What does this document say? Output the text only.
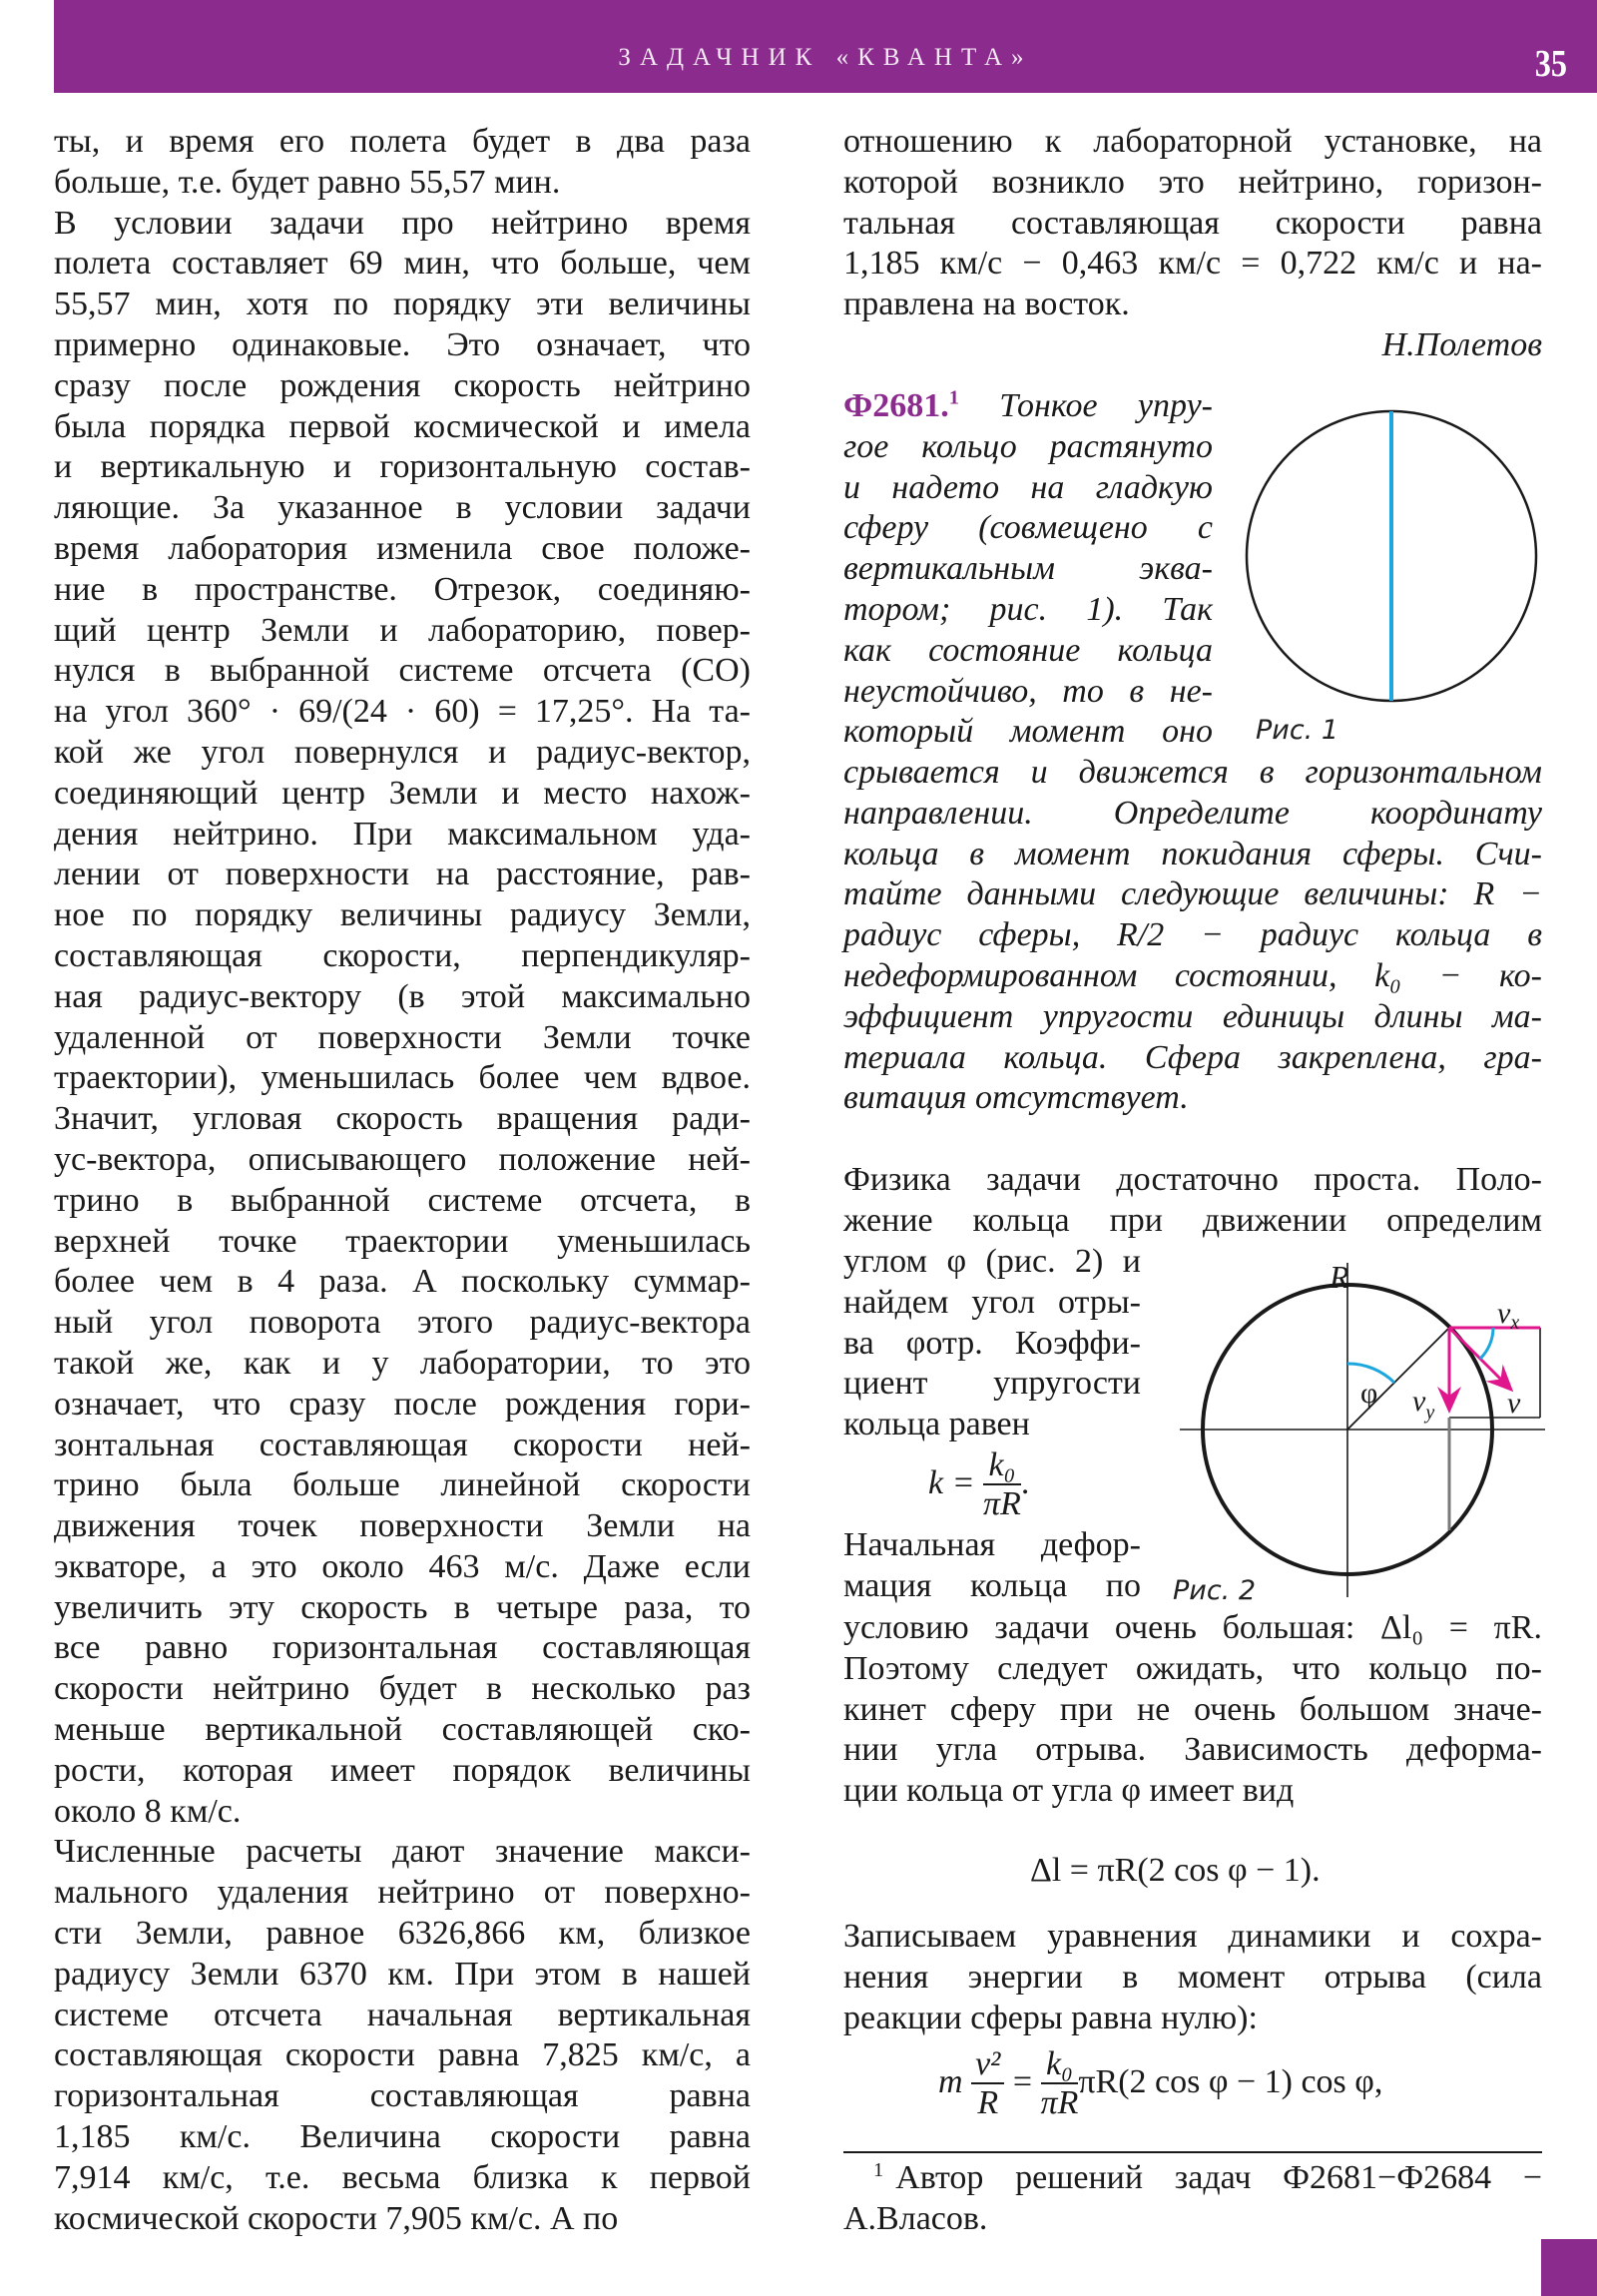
ЗАДАЧНИК «КВАНТА»	35
ты, и время его полета будет в два раза
больше, т.е. будет равно 55,57 мин.
В условии задачи про нейтрино время
полета составляет 69 мин, что больше, чем
55,57 мин, хотя по порядку эти величины
примерно одинаковые. Это означает, что
сразу после рождения скорость нейтрино
была порядка первой космической и имела
и вертикальную и горизонтальную состав-
ляющие. За указанное в условии задачи
время лаборатория изменила свое положе-
ние в пространстве. Отрезок, соединяю-
щий центр Земли и лабораторию, повер-
нулся в выбранной системе отсчета (СО)
на угол 360° · 69/(24 · 60) = 17,25°. На та-
кой же угол повернулся и радиус-вектор,
соединяющий центр Земли и место нахож-
дения нейтрино. При максимальном уда-
лении от поверхности на расстояние, рав-
ное по порядку величины радиусу Земли,
составляющая скорости, перпендикуляр-
ная радиус-вектору (в этой максимально
удаленной от поверхности Земли точке
траектории), уменьшилась более чем вдвое.
Значит, угловая скорость вращения ради-
ус-вектора, описывающего положение ней-
трино в выбранной системе отсчета, в
верхней точке траектории уменьшилась
более чем в 4 раза. А поскольку суммар-
ный угол поворота этого радиус-вектора
такой же, как и у лаборатории, то это
означает, что сразу после рождения гори-
зонтальная составляющая скорости ней-
трино была больше линейной скорости
движения точек поверхности Земли на
экваторе, а это около 463 м/с. Даже если
увеличить эту скорость в четыре раза, то
все равно горизонтальная составляющая
скорости нейтрино будет в несколько раз
меньше вертикальной составляющей ско-
рости, которая имеет порядок величины
около 8 км/с.
Численные расчеты дают значение макси-
мального удаления нейтрино от поверхно-
сти Земли, равное 6326,866 км, близкое
радиусу Земли 6370 км. При этом в нашей
системе отсчета начальная вертикальная
составляющая скорости равна 7,825 км/с, а
горизонтальная составляющая равна
1,185 км/с. Величина скорости равна
7,914 км/с, т.е. весьма близка к первой
космической скорости 7,905 км/с. А по
отношению к лабораторной установке, на
которой возникло это нейтрино, горизон-
тальная составляющая скорости равна
1,185 км/с − 0,463 км/с = 0,722 км/с и на-
правлена на восток.
Н.Полетов
Ф2681.$^1$ Тонкое упру-
гое кольцо растянуто
и надето на гладкую
сферу (совмещено с
вертикальным эква-
тором; рис. 1). Так
как состояние кольца
неустойчиво, то в не-
который момент оно
срывается и движется в горизонтальном
направлении. Определите координату
кольца в момент покидания сферы. Счи-
тайте данными следующие величины: R −
радиус сферы, R/2 − радиус кольца в
недеформированном состоянии, k₀ − ко-
эффициент упругости единицы длины ма-
териала кольца. Сфера закреплена, гра-
витация отсутствует.
Рис. 1
Физика задачи достаточно проста. Поло-
жение кольца при движении определим
углом φ (рис. 2) и
найдем угол отры-
ва φотр. Коэффи-
циент упругости
кольца равен
$k = \frac{\text{k₀}}{\pi R}$ .
Начальная дефор-
мация кольца по
R
φ
$v_x$
$v_y$ v
Рис. 2
условию задачи очень большая: Δl₀ = πR.
Поэтому следует ожидать, что кольцо по-
кинет сферу при не очень большом значе-
нии угла отрыва. Зависимость деформа-
ции кольца от угла φ имеет вид
Δl = πR(2 cos φ − 1).
Записываем уравнения динамики и сохра-
нения энергии в момент отрыва (сила
реакции сферы равна нулю):
m $\frac{\text{v²}}{R} = \frac{\text{k₀}}{\pi R} \pi R(2$ cos φ − 1) cos φ,
$^1$ Автор решений задач Ф2681−Ф2684 −
А.Власов.
